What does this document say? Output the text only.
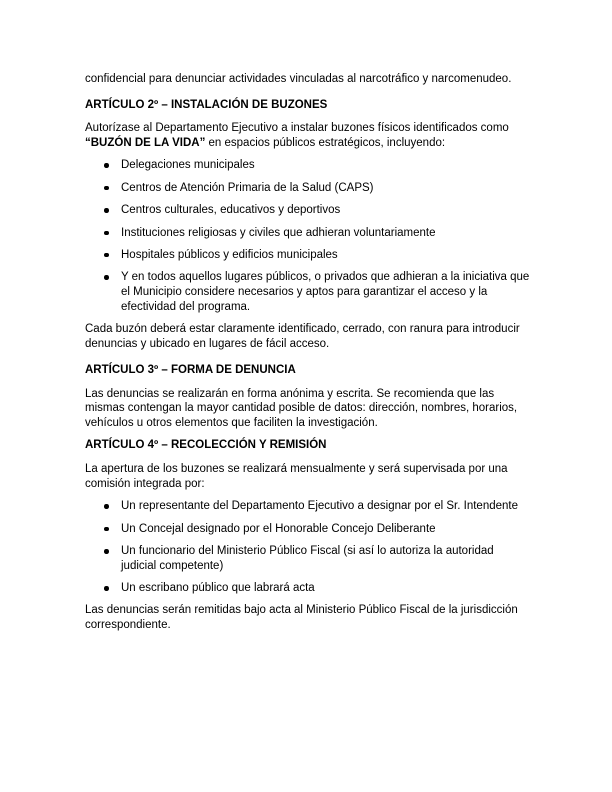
confidencial para denunciar actividades vinculadas al narcotráfico y narcomenudeo.

ARTÍCULO 2º – INSTALACIÓN DE BUZONES

Autorízase al Departamento Ejecutivo a instalar buzones físicos identificados como “BUZÓN DE LA VIDA” en espacios públicos estratégicos, incluyendo:

Delegaciones municipales
Centros de Atención Primaria de la Salud (CAPS)
Centros culturales, educativos y deportivos
Instituciones religiosas y civiles que adhieran voluntariamente
Hospitales públicos y edificios municipales
Y en todos aquellos lugares públicos, o privados que adhieran a la iniciativa que el Municipio considere necesarios y aptos para garantizar el acceso y la efectividad del programa.

Cada buzón deberá estar claramente identificado, cerrado, con ranura para introducir denuncias y ubicado en lugares de fácil acceso.

ARTÍCULO 3º – FORMA DE DENUNCIA

Las denuncias se realizarán en forma anónima y escrita. Se recomienda que las mismas contengan la mayor cantidad posible de datos: dirección, nombres, horarios, vehículos u otros elementos que faciliten la investigación.

ARTÍCULO 4º – RECOLECCIÓN Y REMISIÓN

La apertura de los buzones se realizará mensualmente y será supervisada por una comisión integrada por:

Un representante del Departamento Ejecutivo a designar por el Sr. Intendente
Un Concejal designado por el Honorable Concejo Deliberante
Un funcionario del Ministerio Público Fiscal (si así lo autoriza la autoridad judicial competente)
Un escribano público que labrará acta

Las denuncias serán remitidas bajo acta al Ministerio Público Fiscal de la jurisdicción correspondiente.
